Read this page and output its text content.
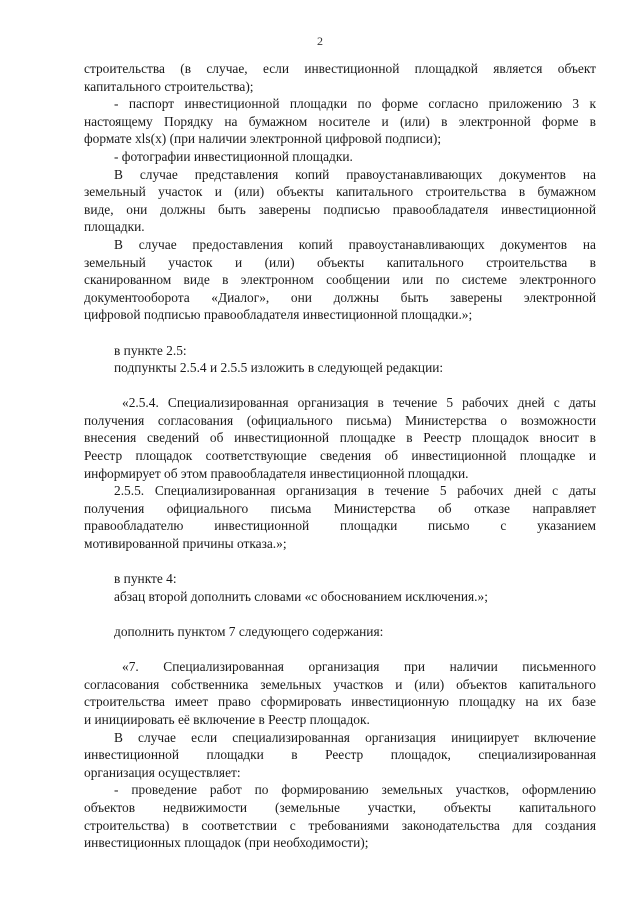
2
строительства (в случае, если инвестиционной площадкой является объект
капитального строительства);
- паспорт инвестиционной площадки по форме согласно приложению 3 к
настоящему Порядку на бумажном носителе и (или) в электронной форме в
формате xls(x) (при наличии электронной цифровой подписи);
- фотографии инвестиционной площадки.
В случае представления копий правоустанавливающих документов на
земельный участок и (или) объекты капитального строительства в бумажном
виде, они должны быть заверены подписью правообладателя инвестиционной
площадки.
В случае предоставления копий правоустанавливающих документов на
земельный участок и (или) объекты капитального строительства в
сканированном виде в электронном сообщении или по системе электронного
документооборота «Диалог», они должны быть заверены электронной
цифровой подписью правообладателя инвестиционной площадки.»;
в пункте 2.5:
подпункты 2.5.4 и 2.5.5 изложить в следующей редакции:
«2.5.4. Специализированная организация в течение 5 рабочих дней с даты
получения согласования (официального письма) Министерства о возможности
внесения сведений об инвестиционной площадке в Реестр площадок вносит в
Реестр площадок соответствующие сведения об инвестиционной площадке и
информирует об этом правообладателя инвестиционной площадки.
2.5.5. Специализированная организация в течение 5 рабочих дней с даты
получения официального письма Министерства об отказе направляет
правообладателю инвестиционной площадки письмо с указанием
мотивированной причины отказа.»;
в пункте 4:
абзац второй дополнить словами «с обоснованием исключения.»;
дополнить пунктом 7 следующего содержания:
«7. Специализированная организация при наличии письменного
согласования собственника земельных участков и (или) объектов капитального
строительства имеет право сформировать инвестиционную площадку на их базе
и инициировать её включение в Реестр площадок.
В случае если специализированная организация инициирует включение
инвестиционной площадки в Реестр площадок, специализированная
организация осуществляет:
- проведение работ по формированию земельных участков, оформлению
объектов недвижимости (земельные участки, объекты капитального
строительства) в соответствии с требованиями законодательства для создания
инвестиционных площадок (при необходимости);
